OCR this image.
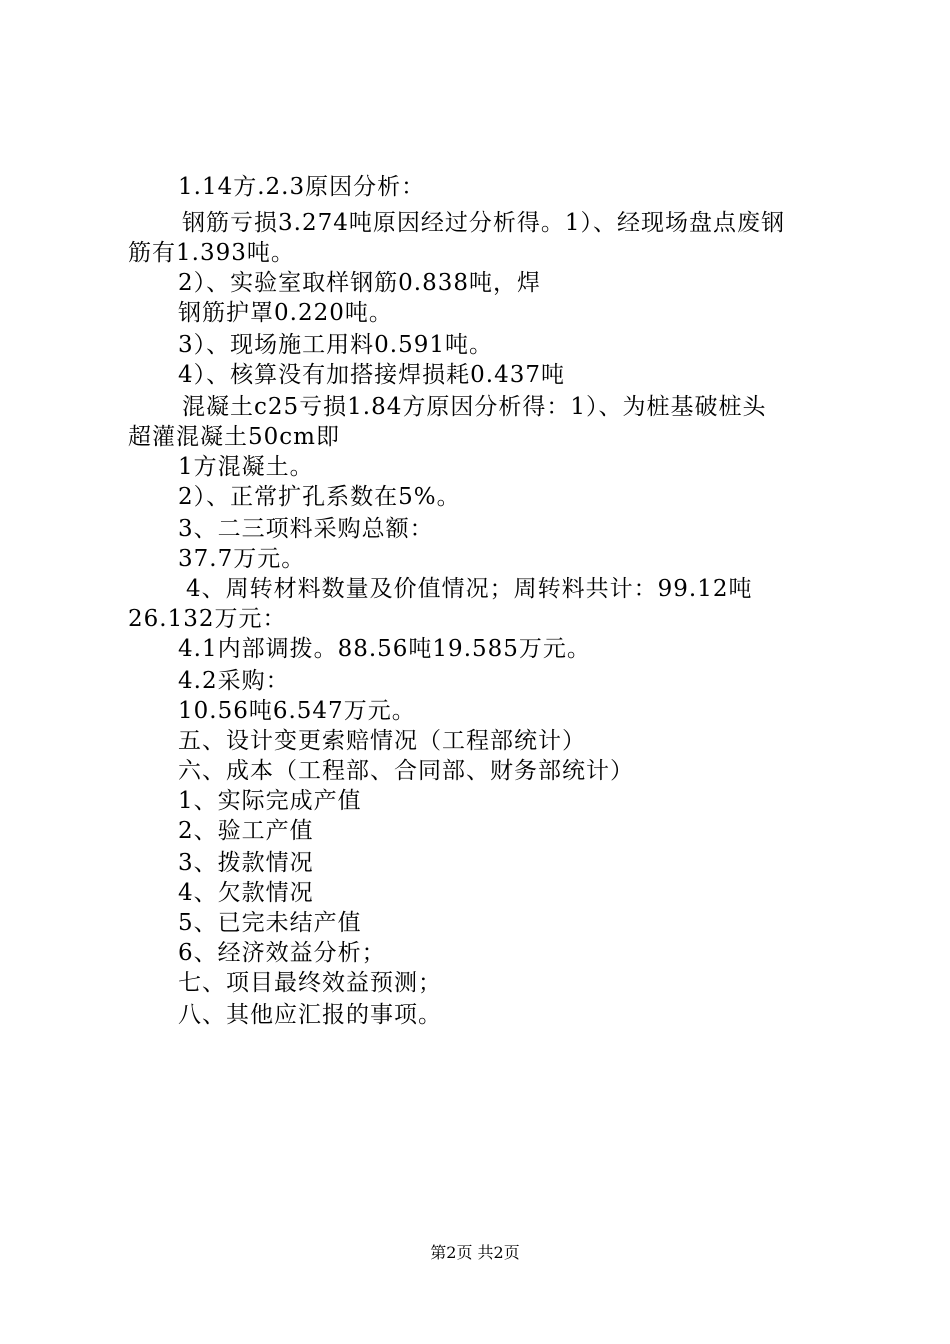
1.14方.2.3原因分析：
钢筋亏损3.274吨原因经过分析得。1）、经现场盘点废钢
筋有1.393吨。
2）、实验室取样钢筋0.838吨，焊
钢筋护罩0.220吨。
3）、现场施工用料0.591吨。
4）、核算没有加搭接焊损耗0.437吨
混凝土c25亏损1.84方原因分析得：1）、为桩基破桩头
超灌混凝土50cm即
1方混凝土。
2）、正常扩孔系数在5%。
3、二三项料采购总额：
37.7万元。
4、周转材料数量及价值情况；周转料共计：99.12吨
26.132万元：
4.1内部调拨。88.56吨19.585万元。
4.2采购：
10.56吨6.547万元。
五、设计变更索赔情况（工程部统计）
六、成本（工程部、合同部、财务部统计）
1、实际完成产值
2、验工产值
3、拨款情况
4、欠款情况
5、已完未结产值
6、经济效益分析；
七、项目最终效益预测；
八、其他应汇报的事项。
第2页 共2页
